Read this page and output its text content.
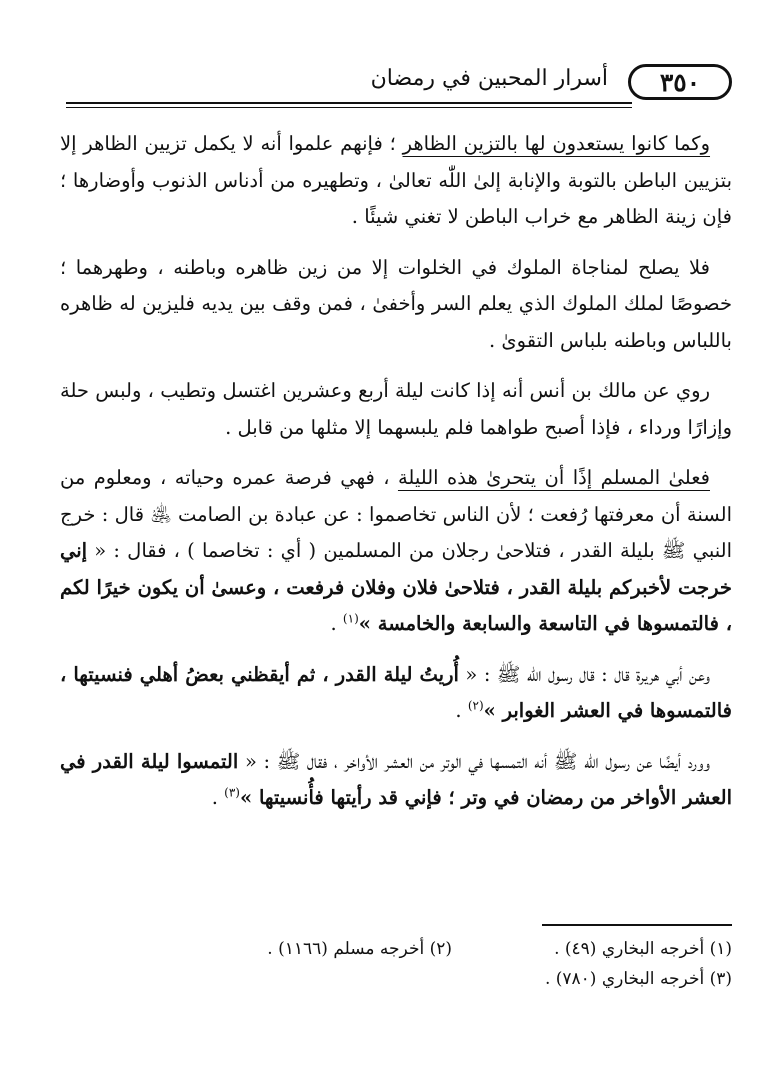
٣٥٠
أسرار المحبين في رمضان

وكما كانوا يستعدون لها بالتزين الظاهر ؛ فإنهم علموا أنه لا يكمل تزيين الظاهر إلا بتزيين الباطن بالتوبة والإنابة إلىٰ اللّٰه تعالىٰ ، وتطهيره من أدناس الذنوب وأوضارها ؛ فإن زينة الظاهر مع خراب الباطن لا تغني شيئًا .

فلا يصلح لمناجاة الملوك في الخلوات إلا من زين ظاهره وباطنه ، وطهرهما ؛ خصوصًا لملك الملوك الذي يعلم السر وأخفىٰ ، فمن وقف بين يديه فليزين له ظاهره باللباس وباطنه بلباس التقوىٰ .

روي عن مالك بن أنس أنه إذا كانت ليلة أربع وعشرين اغتسل وتطيب ، ولبس حلة وإزارًا ورداء ، فإذا أصبح طواهما فلم يلبسهما إلا مثلها من قابل .

فعلىٰ المسلم إذًا أن يتحرىٰ هذه الليلة ، فهي فرصة عمره وحياته ، ومعلوم من السنة أن معرفتها رُفعت ؛ لأن الناس تخاصموا : عن عبادة بن الصامت ﵁ قال : خرج النبي ﷺ بليلة القدر ، فتلاحىٰ رجلان من المسلمين ( أي : تخاصما ) ، فقال : « إني خرجت لأخبركم بليلة القدر ، فتلاحىٰ فلان وفلان فرفعت ، وعسىٰ أن يكون خيرًا لكم ، فالتمسوها في التاسعة والسابعة والخامسة »$^{(١)}$ .

وعن أبي هريرة قال : قال رسول اللّٰه ﷺ : « أُريتُ ليلة القدر ، ثم أيقظني بعضُ أهلي فنسيتها ، فالتمسوها في العشر الغوابر »$^{(٢)}$ .

وورد أيضًا عن رسول اللّٰه ﷺ أنه التمسها في الوتر من العشر الأواخر ، فقال ﷺ : « التمسوا ليلة القدر في العشر الأواخر من رمضان في وتر ؛ فإني قد رأيتها فأُنسيتها »$^{(٣)}$ .

(١) أخرجه البخاري (٤٩) .
(٢) أخرجه مسلم (١١٦٦) .
(٣) أخرجه البخاري (٧٨٠) .
